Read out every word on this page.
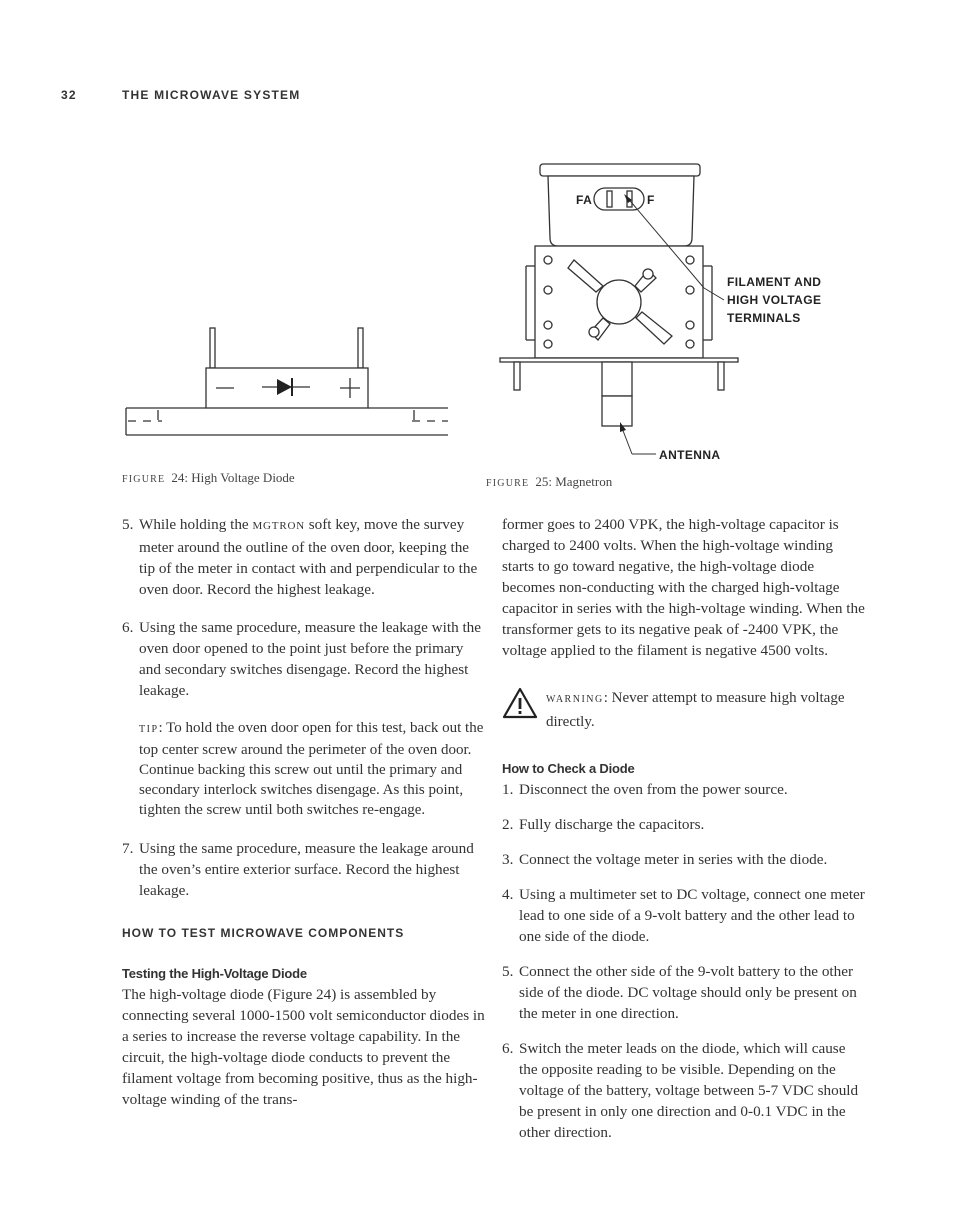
32	THE MICROWAVE SYSTEM
FIGURE 24: High Voltage Diode
FA	F
FILAMENT AND
HIGH VOLTAGE
TERMINALS
ANTENNA
FIGURE 25: Magnetron
5. While holding the MGTRON soft key, move the survey meter around the outline of the oven door, keeping the tip of the meter in contact with and perpendicular to the oven door. Record the highest leakage.
6. Using the same procedure, measure the leakage with the oven door opened to the point just before the primary and secondary switches disengage. Record the highest leakage.
TIP: To hold the oven door open for this test, back out the top center screw around the perimeter of the oven door. Continue backing this screw out until the primary and secondary interlock switches disengage. As this point, tighten the screw until both switches re-engage.
7. Using the same procedure, measure the leakage around the oven’s entire exterior surface. Record the highest leakage.
HOW TO TEST MICROWAVE COMPONENTS
Testing the High-Voltage Diode
The high-voltage diode (Figure 24) is assembled by connecting several 1000-1500 volt semiconductor diodes in a series to increase the reverse voltage capability. In the circuit, the high-voltage diode conducts to prevent the filament voltage from becoming positive, thus as the high-voltage winding of the trans-
former goes to 2400 VPK, the high-voltage capacitor is charged to 2400 volts. When the high-voltage winding starts to go toward negative, the high-voltage diode becomes non-conducting with the charged high-voltage capacitor in series with the high-voltage winding. When the transformer gets to its negative peak of -2400 VPK, the voltage applied to the filament is negative 4500 volts.
WARNING: Never attempt to measure high voltage directly.
How to Check a Diode
1. Disconnect the oven from the power source.
2. Fully discharge the capacitors.
3. Connect the voltage meter in series with the diode.
4. Using a multimeter set to DC voltage, connect one meter lead to one side of a 9-volt battery and the other lead to one side of the diode.
5. Connect the other side of the 9-volt battery to the other side of the diode. DC voltage should only be present on the meter in one direction.
6. Switch the meter leads on the diode, which will cause the opposite reading to be visible. Depending on the voltage of the battery, voltage between 5-7 VDC should be present in only one direction and 0-0.1 VDC in the other direction.
